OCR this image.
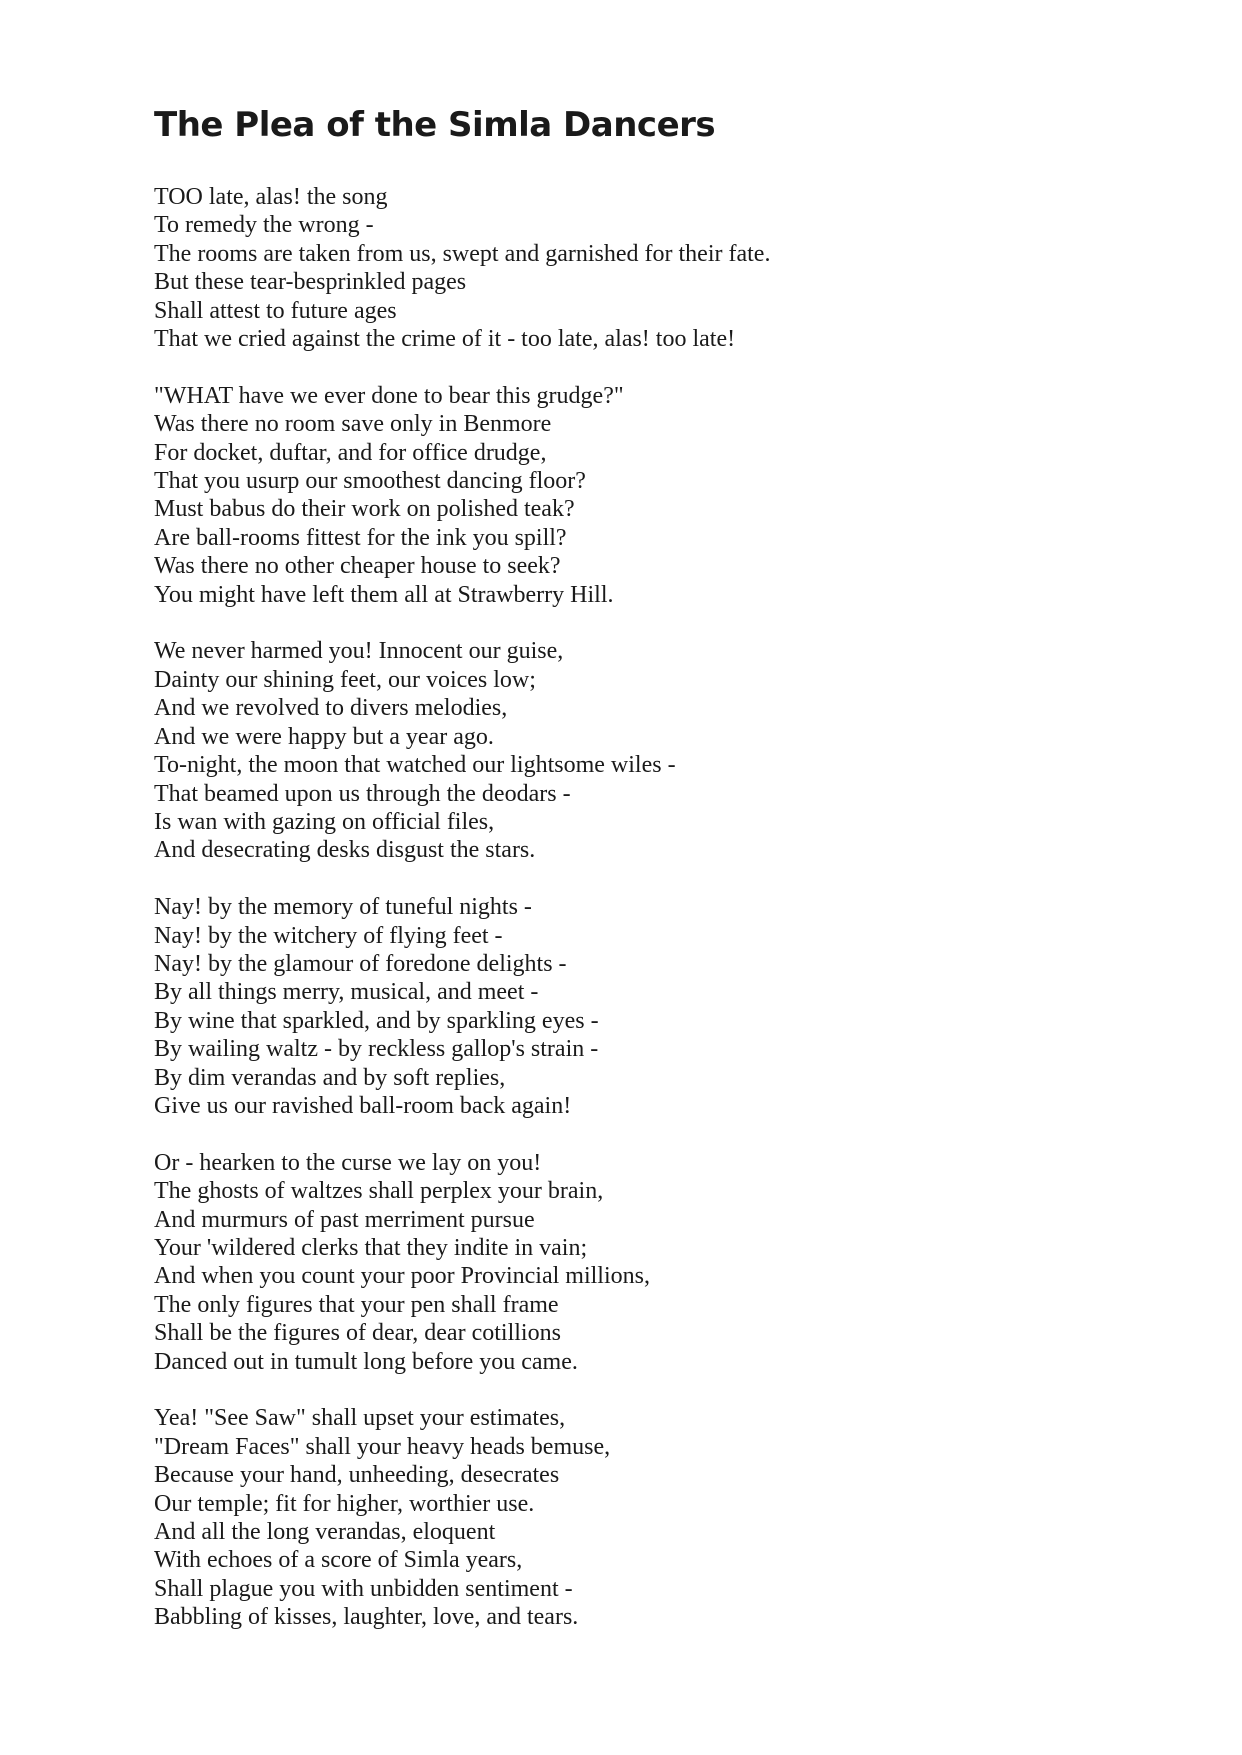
The Plea of the Simla Dancers
TOO late, alas! the song
To remedy the wrong -
The rooms are taken from us, swept and garnished for their fate.
But these tear-besprinkled pages
Shall attest to future ages
That we cried against the crime of it - too late, alas! too late!
"WHAT have we ever done to bear this grudge?"
Was there no room save only in Benmore
For docket, duftar, and for office drudge,
That you usurp our smoothest dancing floor?
Must babus do their work on polished teak?
Are ball-rooms fittest for the ink you spill?
Was there no other cheaper house to seek?
You might have left them all at Strawberry Hill.
We never harmed you! Innocent our guise,
Dainty our shining feet, our voices low;
And we revolved to divers melodies,
And we were happy but a year ago.
To-night, the moon that watched our lightsome wiles -
That beamed upon us through the deodars -
Is wan with gazing on official files,
And desecrating desks disgust the stars.
Nay! by the memory of tuneful nights -
Nay! by the witchery of flying feet -
Nay! by the glamour of foredone delights -
By all things merry, musical, and meet -
By wine that sparkled, and by sparkling eyes -
By wailing waltz - by reckless gallop's strain -
By dim verandas and by soft replies,
Give us our ravished ball-room back again!
Or - hearken to the curse we lay on you!
The ghosts of waltzes shall perplex your brain,
And murmurs of past merriment pursue
Your 'wildered clerks that they indite in vain;
And when you count your poor Provincial millions,
The only figures that your pen shall frame
Shall be the figures of dear, dear cotillions
Danced out in tumult long before you came.
Yea! "See Saw" shall upset your estimates,
"Dream Faces" shall your heavy heads bemuse,
Because your hand, unheeding, desecrates
Our temple; fit for higher, worthier use.
And all the long verandas, eloquent
With echoes of a score of Simla years,
Shall plague you with unbidden sentiment -
Babbling of kisses, laughter, love, and tears.
